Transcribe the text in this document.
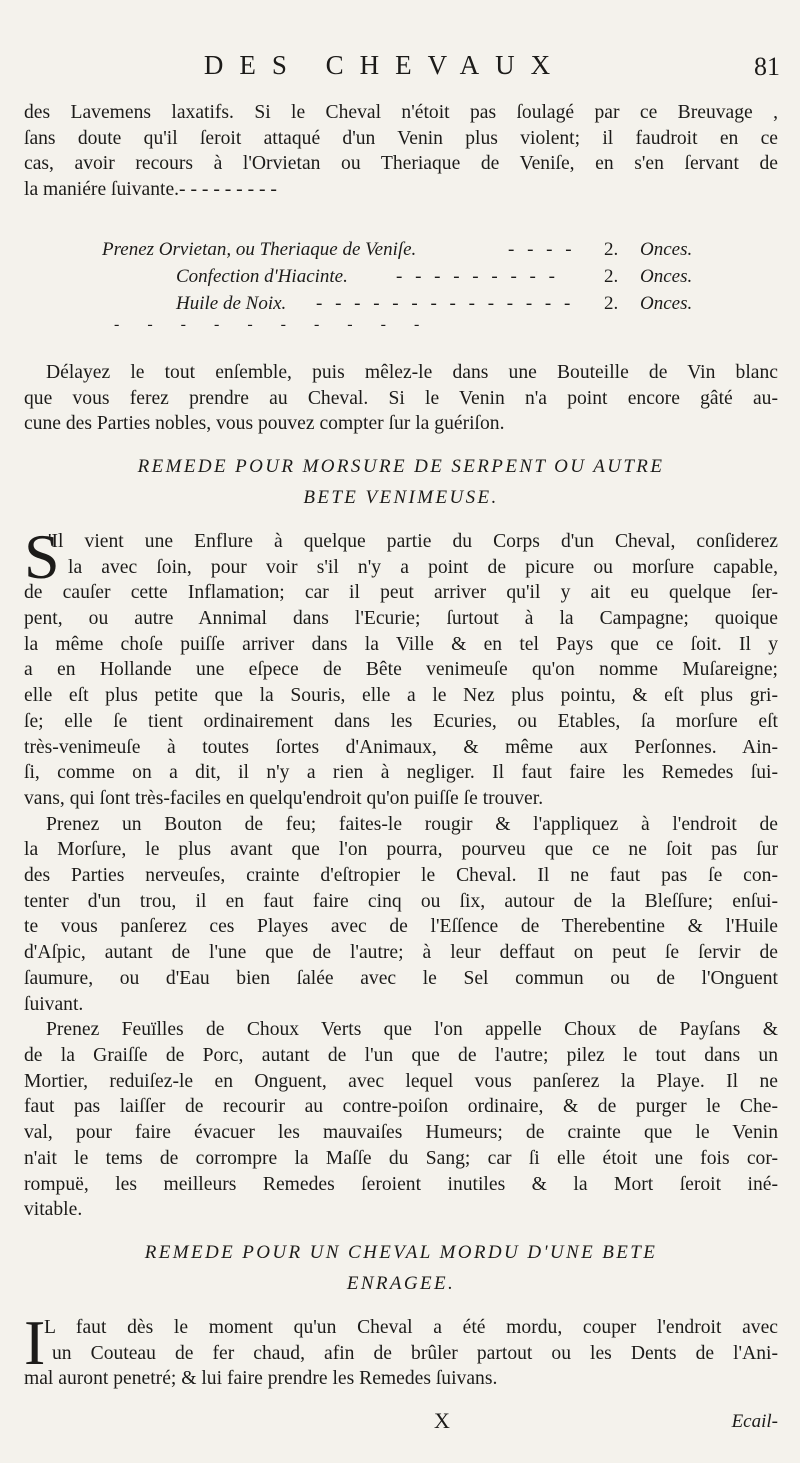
DES CHEVAUX	81

des Lavemens laxatifs. Si le Cheval n'étoit pas ſoulagé par ce Breuvage ,

ſans doute qu'il ſeroit attaqué d'un Venin plus violent; il faudroit en ce

cas, avoir recours à l'Orvietan ou Theriaque de Veniſe, en s'en ſervant de

la maniére ſuivante.- - - - - - - - -

Prenez Orvietan, ou Theriaque de Veniſe.	- - - - 2. Onces.
Confection d'Hiacinte.	- - - - - - - - - 2. Onces.
Huile de Noix. - - - - - - - - - - - - - - 2. Onces.
- - - - - - - - - -

Délayez le tout enſemble, puis mêlez-le dans une Bouteille de Vin blanc

que vous ferez prendre au Cheval. Si le Venin n'a point encore gâté au-

cune des Parties nobles, vous pouvez compter ſur la guériſon.

REMEDE POUR MORSURE DE SERPENT OU AUTRE
BETE VENIMEUSE.
S

'Il vient une Enflure à quelque partie du Corps d'un Cheval, conſiderez

la avec ſoin, pour voir s'il n'y a point de picure ou morſure capable,

de cauſer cette Inflamation; car il peut arriver qu'il y ait eu quelque ſer-

pent, ou autre Annimal dans l'Ecurie; ſurtout à la Campagne; quoique

la même choſe puiſſe arriver dans la Ville & en tel Pays que ce ſoit. Il y

a en Hollande une eſpece de Bête venimeuſe qu'on nomme Muſareigne;

elle eſt plus petite que la Souris, elle a le Nez plus pointu, & eſt plus gri-

ſe; elle ſe tient ordinairement dans les Ecuries, ou Etables, ſa morſure eſt

très-venimeuſe à toutes ſortes d'Animaux, & même aux Perſonnes. Ain-

ſi, comme on a dit, il n'y a rien à negliger. Il faut faire les Remedes ſui-

vans, qui ſont très-faciles en quelqu'endroit qu'on puiſſe ſe trouver.

Prenez un Bouton de feu; faites-le rougir & l'appliquez à l'endroit de

la Morſure, le plus avant que l'on pourra, pourveu que ce ne ſoit pas ſur

des Parties nerveuſes, crainte d'eſtropier le Cheval. Il ne faut pas ſe con-

tenter d'un trou, il en faut faire cinq ou ſix, autour de la Bleſſure; enſui-

te vous panſerez ces Playes avec de l'Eſſence de Therebentine & l'Huile

d'Aſpic, autant de l'une que de l'autre; à leur deffaut on peut ſe ſervir de

ſaumure, ou d'Eau bien ſalée avec le Sel commun ou de l'Onguent

ſuivant.

Prenez Feuïlles de Choux Verts que l'on appelle Choux de Payſans &

de la Graiſſe de Porc, autant de l'un que de l'autre; pilez le tout dans un

Mortier, reduiſez-le en Onguent, avec lequel vous panſerez la Playe. Il ne

faut pas laiſſer de recourir au contre-poiſon ordinaire, & de purger le Che-

val, pour faire évacuer les mauvaiſes Humeurs; de crainte que le Venin

n'ait le tems de corrompre la Maſſe du Sang; car ſi elle étoit une fois cor-

rompuë, les meilleurs Remedes ſeroient inutiles & la Mort ſeroit iné-

vitable.

REMEDE POUR UN CHEVAL MORDU D'UNE BETE
ENRAGEE.
I

L faut dès le moment qu'un Cheval a été mordu, couper l'endroit avec

un Couteau de fer chaud, afin de brûler partout ou les Dents de l'Ani-

mal auront penetré; & lui faire prendre les Remedes ſuivans.

X	Ecail-
